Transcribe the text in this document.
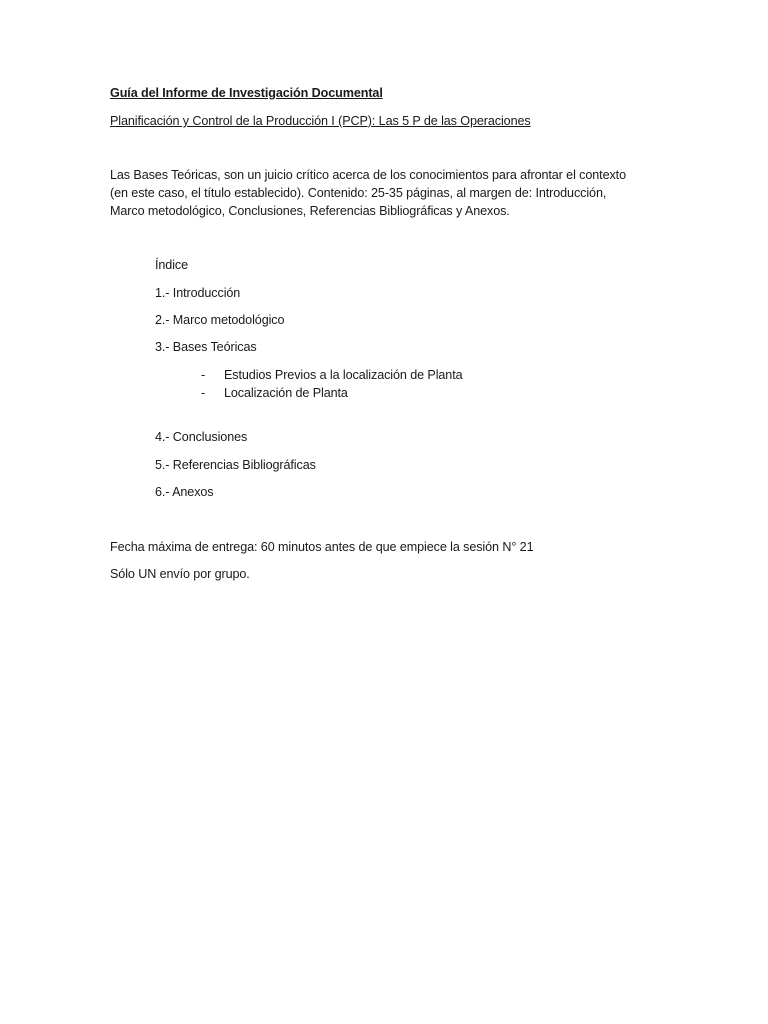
Guía del Informe de Investigación Documental
Planificación y Control de la Producción I (PCP): Las 5 P de las Operaciones
Las Bases Teóricas, son un juicio crítico acerca de los conocimientos para afrontar el contexto
(en este caso, el título establecido). Contenido: 25-35 páginas, al margen de: Introducción,
Marco metodológico, Conclusiones, Referencias Bibliográficas y Anexos.
Índice
1.- Introducción
2.- Marco metodológico
3.- Bases Teóricas
- Estudios Previos a la localización de Planta
- Localización de Planta
4.- Conclusiones
5.- Referencias Bibliográficas
6.- Anexos
Fecha máxima de entrega: 60 minutos antes de que empiece la sesión N° 21
Sólo UN envío por grupo.
